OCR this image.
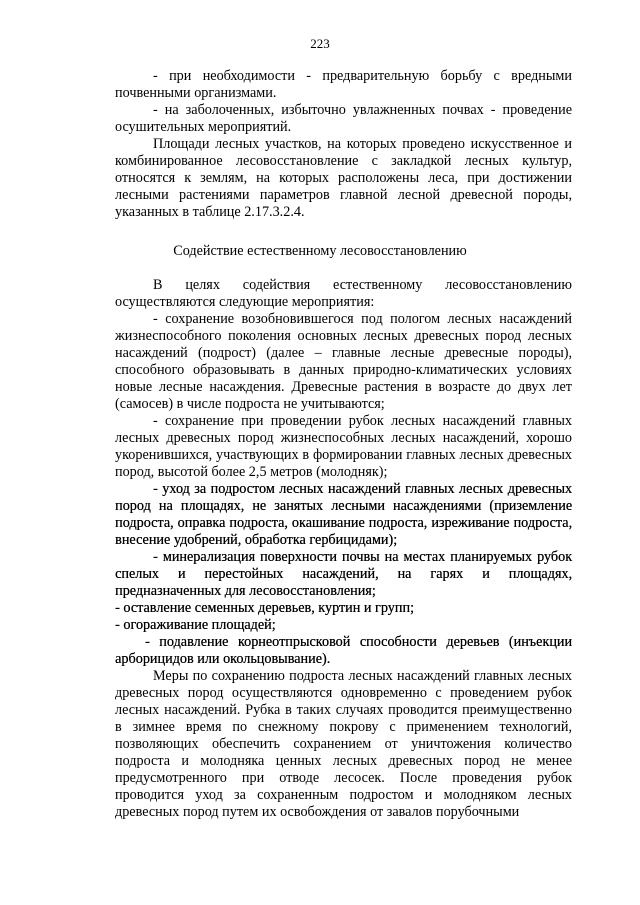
223

- при необходимости - предварительную борьбу с вредными почвенными организмами.

- на заболоченных, избыточно увлажненных почвах - проведение осушительных мероприятий.

Площади лесных участков, на которых проведено искусственное и комбинированное лесовосстановление с закладкой лесных культур, относятся к землям, на которых расположены леса, при достижении лесными растениями параметров главной лесной древесной породы, указанных в таблице 2.17.3.2.4.

Содействие естественному лесовосстановлению

В целях содействия естественному лесовосстановлению осуществляются следующие мероприятия:

- сохранение возобновившегося под пологом лесных насаждений жизнеспособного поколения основных лесных древесных пород лесных насаждений (подрост) (далее – главные лесные древесные породы), способного образовывать в данных природно-климатических условиях новые лесные насаждения. Древесные растения в возрасте до двух лет (самосев) в числе подроста не учитываются;

- сохранение при проведении рубок лесных насаждений главных лесных древесных пород жизнеспособных лесных насаждений, хорошо укоренившихся, участвующих в формировании главных лесных древесных пород, высотой более 2,5 метров (молодняк);

- уход за подростом лесных насаждений главных лесных древесных пород на площадях, не занятых лесными насаждениями (приземление подроста, оправка подроста, окашивание подроста, изреживание подроста, внесение удобрений, обработка гербицидами);

- минерализация поверхности почвы на местах планируемых рубок спелых и перестойных насаждений, на гарях и площадях, предназначенных для лесовосстановления;

- оставление семенных деревьев, куртин и групп;

- огораживание площадей;

- подавление корнеотпрысковой способности деревьев (инъекции арборицидов или окольцовывание).

Меры по сохранению подроста лесных насаждений главных лесных древесных пород осуществляются одновременно с проведением рубок лесных насаждений. Рубка в таких случаях проводится преимущественно в зимнее время по снежному покрову с применением технологий, позволяющих обеспечить сохранением от уничтожения количество подроста и молодняка ценных лесных древесных пород не менее предусмотренного при отводе лесосек. После проведения рубок проводится уход за сохраненным подростом и молодняком лесных древесных пород путем их освобождения от завалов порубочными
